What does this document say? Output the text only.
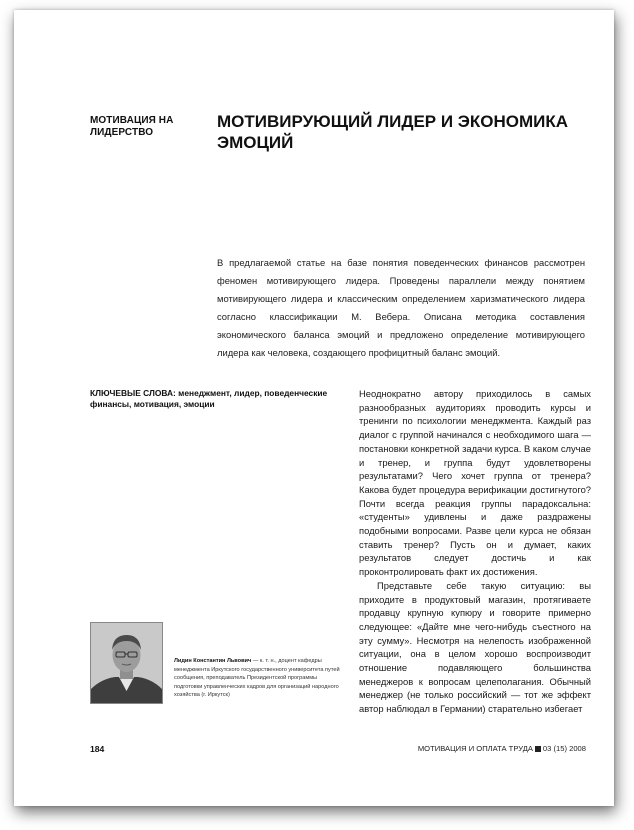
МОТИВАЦИЯ НА ЛИДЕРСТВО
МОТИВИРУЮЩИЙ ЛИДЕР И ЭКОНОМИКА ЭМОЦИЙ

В предлагаемой статье на базе понятия поведенческих финансов рассмотрен феномен мотивирующего лидера. Проведены параллели между понятием мотивирующего лидера и классическим определением харизматического лидера согласно классификации М. Вебера. Описана методика составления экономического баланса эмоций и предложено определение мотивирующего лидера как человека, создающего профицитный баланс эмоций.

КЛЮЧЕВЫЕ СЛОВА: менеджмент, лидер, поведенческие финансы, мотивация, эмоции

Лидин Константин Львович — к. т. н., доцент кафедры менеджмента Иркутского государственного университета путей сообщения, преподаватель Президентской программы подготовки управленческих кадров для организаций народного хозяйства (г. Иркутск)

Неоднократно автору приходилось в самых разнообразных аудиториях проводить курсы и тренинги по психологии менеджмента. Каждый раз диалог с группой начинался с необходимого шага — постановки конкретной задачи курса. В каком случае и тренер, и группа будут удовлетворены результатами? Чего хочет группа от тренера? Какова будет процедура верификации достигнутого? Почти всегда реакция группы парадоксальна: «студенты» удивлены и даже раздражены подобными вопросами. Разве цели курса не обязан ставить тренер? Пусть он и думает, каких результатов следует достичь и как проконтролировать факт их достижения.

Представьте себе такую ситуацию: вы приходите в продуктовый магазин, протягиваете продавцу крупную купюру и говорите примерно следующее: «Дайте мне чего-нибудь съестного на эту сумму». Несмотря на нелепость изображенной ситуации, она в целом хорошо воспроизводит отношение подавляющего большинства менеджеров к вопросам целеполагания. Обычный менеджер (не только российский — тот же эффект автор наблюдал в Германии) старательно избегает

184	МОТИВАЦИЯ И ОПЛАТА ТРУДА 03 (15) 2008
